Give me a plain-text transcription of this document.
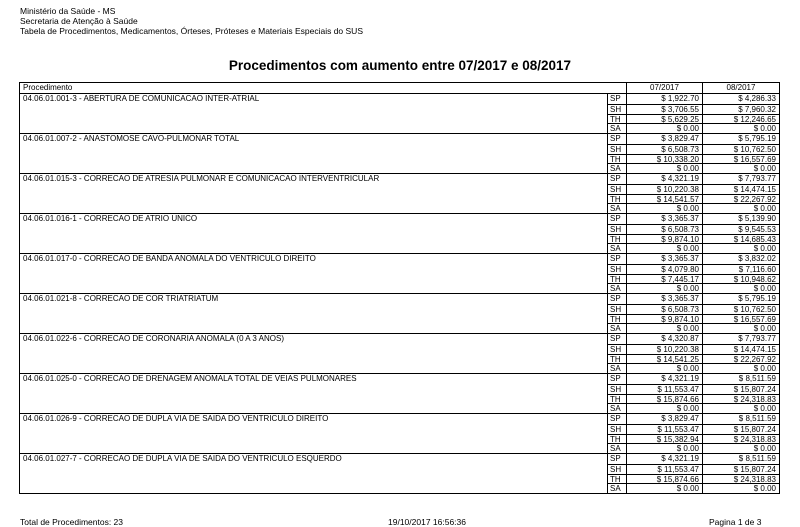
Ministério da Saúde - MS
Secretaria de Atenção à Saúde
Tabela de Procedimentos, Medicamentos, Órteses, Próteses e Materiais Especiais do SUS
Procedimentos com aumento entre 07/2017 e 08/2017
Procedimento	07/2017	08/2017
04.06.01.001-3 - ABERTURA DE COMUNICACAO INTER-ATRIAL	SP	$ 1,922.70	$ 4,286.33
SH	$ 3,706.55	$ 7,960.32
TH	$ 5,629.25	$ 12,246.65
SA	$ 0.00	$ 0.00
04.06.01.007-2 - ANASTOMOSE CAVO-PULMONAR TOTAL	SP	$ 3,829.47	$ 5,795.19
SH	$ 6,508.73	$ 10,762.50
TH	$ 10,338.20	$ 16,557.69
SA	$ 0.00	$ 0.00
04.06.01.015-3 - CORRECAO DE ATRESIA PULMONAR E COMUNICACAO INTERVENTRICULAR	SP	$ 4,321.19	$ 7,793.77
SH	$ 10,220.38	$ 14,474.15
TH	$ 14,541.57	$ 22,267.92
SA	$ 0.00	$ 0.00
04.06.01.016-1 - CORRECAO DE ATRIO UNICO	SP	$ 3,365.37	$ 5,139.90
SH	$ 6,508.73	$ 9,545.53
TH	$ 9,874.10	$ 14,685.43
SA	$ 0.00	$ 0.00
04.06.01.017-0 - CORRECAO DE BANDA ANOMALA DO VENTRICULO DIREITO	SP	$ 3,365.37	$ 3,832.02
SH	$ 4,079.80	$ 7,116.60
TH	$ 7,445.17	$ 10,948.62
SA	$ 0.00	$ 0.00
04.06.01.021-8 - CORRECAO DE COR TRIATRIATUM	SP	$ 3,365.37	$ 5,795.19
SH	$ 6,508.73	$ 10,762.50
TH	$ 9,874.10	$ 16,557.69
SA	$ 0.00	$ 0.00
04.06.01.022-6 - CORRECAO DE CORONARIA ANOMALA (0 A 3 ANOS)	SP	$ 4,320.87	$ 7,793.77
SH	$ 10,220.38	$ 14,474.15
TH	$ 14,541.25	$ 22,267.92
SA	$ 0.00	$ 0.00
04.06.01.025-0 - CORRECAO DE DRENAGEM ANOMALA TOTAL DE VEIAS PULMONARES	SP	$ 4,321.19	$ 8,511.59
SH	$ 11,553.47	$ 15,807.24
TH	$ 15,874.66	$ 24,318.83
SA	$ 0.00	$ 0.00
04.06.01.026-9 - CORRECAO DE DUPLA VIA DE SAIDA DO VENTRICULO DIREITO	SP	$ 3,829.47	$ 8,511.59
SH	$ 11,553.47	$ 15,807.24
TH	$ 15,382.94	$ 24,318.83
SA	$ 0.00	$ 0.00
04.06.01.027-7 - CORRECAO DE DUPLA VIA DE SAIDA DO VENTRICULO ESQUERDO	SP	$ 4,321.19	$ 8,511.59
SH	$ 11,553.47	$ 15,807.24
TH	$ 15,874.66	$ 24,318.83
SA	$ 0.00	$ 0.00
Total de Procedimentos: 23	19/10/2017 16:56:36	Pagina 1 de 3
